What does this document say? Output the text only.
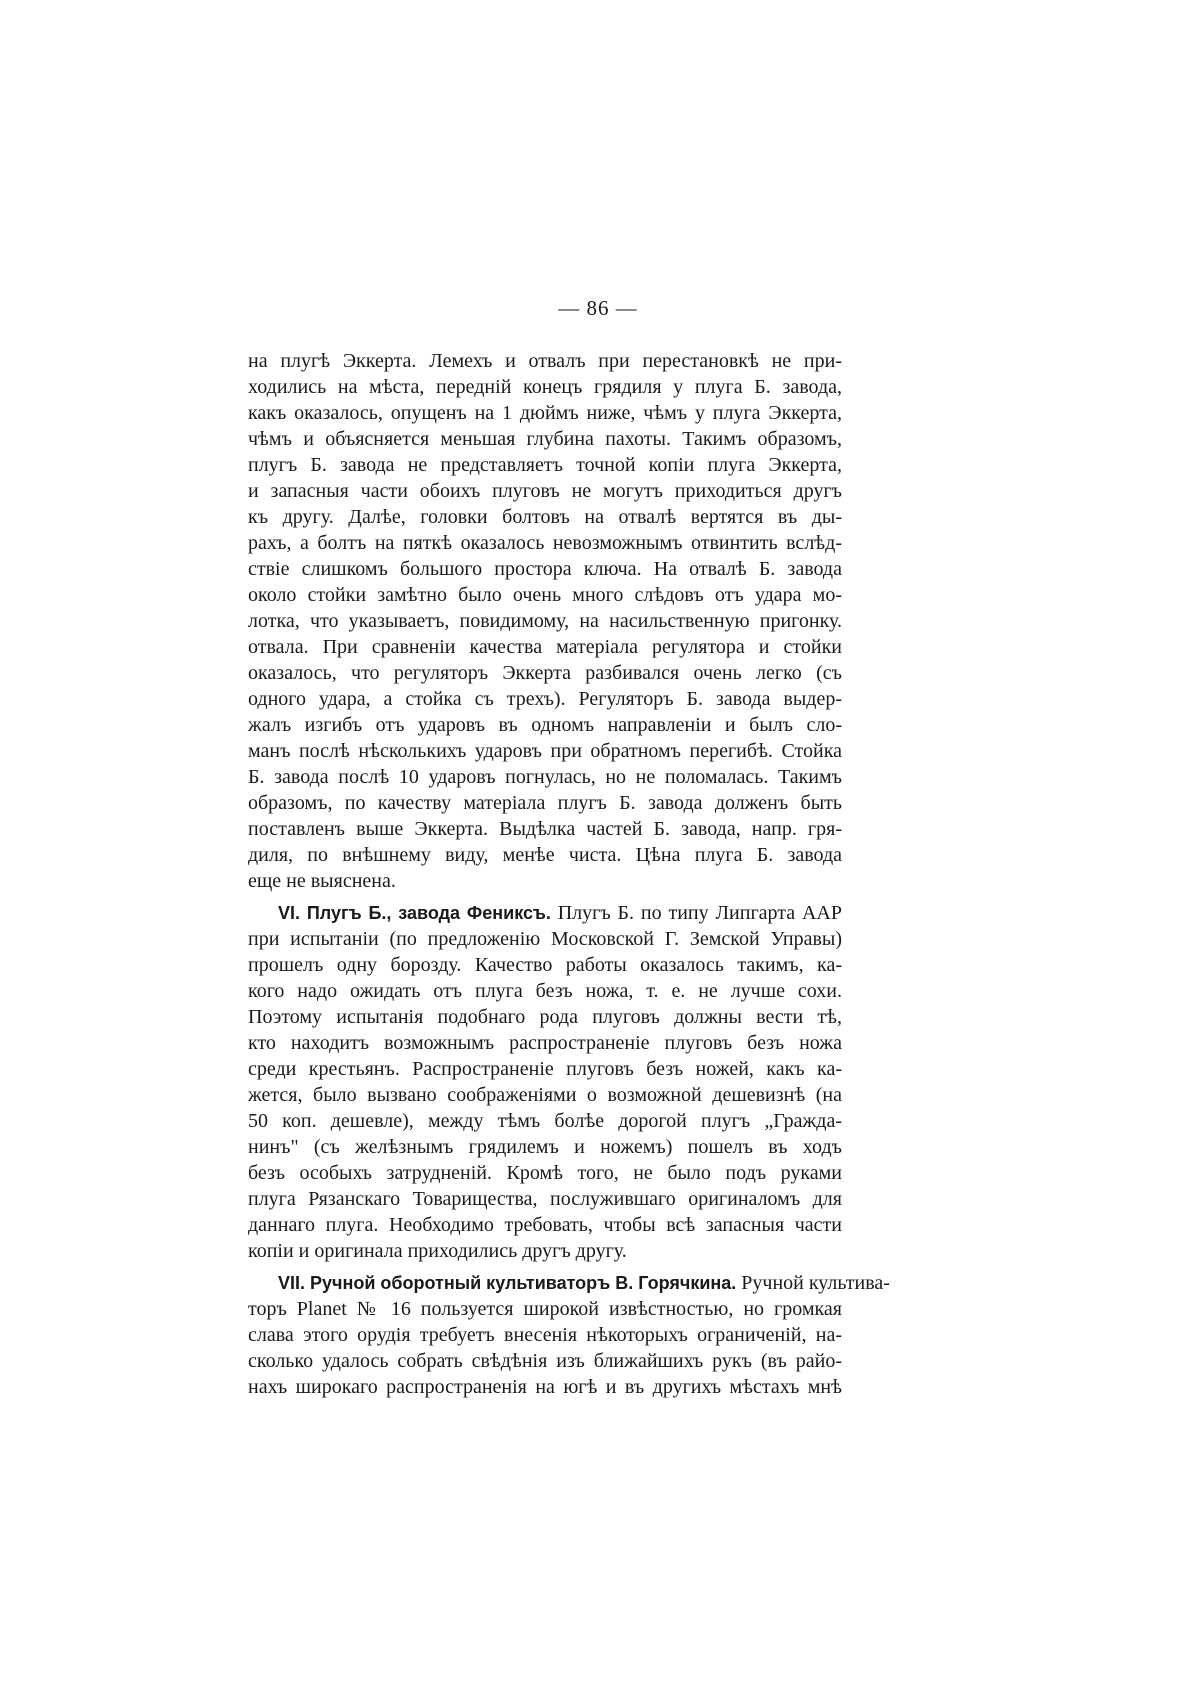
— 86 —
на плугѣ Эккерта. Лемехъ и отвалъ при перестановкѣ не при-
ходились на мѣста, передній конецъ грядиля у плуга Б. завода,
какъ оказалось, опущенъ на 1 дюймъ ниже, чѣмъ у плуга Эккерта,
чѣмъ и объясняется меньшая глубина пахоты. Такимъ образомъ,
плугъ Б. завода не представляетъ точной копіи плуга Эккерта,
и запасныя части обоихъ плуговъ не могутъ приходиться другъ
къ другу. Далѣе, головки болтовъ на отвалѣ вертятся въ ды-
рахъ, а болтъ на пяткѣ оказалось невозможнымъ отвинтить вслѣд-
ствіе слишкомъ большого простора ключа. На отвалѣ Б. завода
около стойки замѣтно было очень много слѣдовъ отъ удара мо-
лотка, что указываетъ, повидимому, на насильственную пригонку.
отвала. При сравненіи качества матеріала регулятора и стойки
оказалось, что регуляторъ Эккерта разбивался очень легко (съ
одного удара, а стойка съ трехъ). Регуляторъ Б. завода выдер-
жалъ изгибъ отъ ударовъ въ одномъ направленіи и былъ сло-
манъ послѣ нѣсколькихъ ударовъ при обратномъ перегибѣ. Стойка
Б. завода послѣ 10 ударовъ погнулась, но не поломалась. Такимъ
образомъ, по качеству матеріала плугъ Б. завода долженъ быть
поставленъ выше Эккерта. Выдѣлка частей Б. завода, напр. гря-
диля, по внѣшнему виду, менѣе чиста. Цѣна плуга Б. завода
еще не выяснена.
VI. Плугъ Б., завода Фениксъ. Плугъ Б. по типу Липгарта ААР
при испытаніи (по предложенію Московской Г. Земской Управы)
прошелъ одну борозду. Качество работы оказалось такимъ, ка-
кого надо ожидать отъ плуга безъ ножа, т. е. не лучше сохи.
Поэтому испытанія подобнаго рода плуговъ должны вести тѣ,
кто находитъ возможнымъ распространеніе плуговъ безъ ножа
среди крестьянъ. Распространеніе плуговъ безъ ножей, какъ ка-
жется, было вызвано соображеніями о возможной дешевизнѣ (на
50 коп. дешевле), между тѣмъ болѣе дорогой плугъ „Гражда-
нинъ" (съ желѣзнымъ грядилемъ и ножемъ) пошелъ въ ходъ
безъ особыхъ затрудненій. Кромѣ того, не было подъ руками
плуга Рязанскаго Товарищества, послужившаго оригиналомъ для
даннаго плуга. Необходимо требовать, чтобы всѣ запасныя части
копіи и оригинала приходились другъ другу.
VII. Ручной оборотный культиваторъ В. Горячкина. Ручной культива-
торъ Planet № 16 пользуется широкой извѣстностью, но громкая
слава этого орудія требуетъ внесенія нѣкоторыхъ ограниченій, на-
сколько удалось собрать свѣдѣнія изъ ближайшихъ рукъ (въ райо-
нахъ широкаго распространенія на югѣ и въ другихъ мѣстахъ мнѣ
